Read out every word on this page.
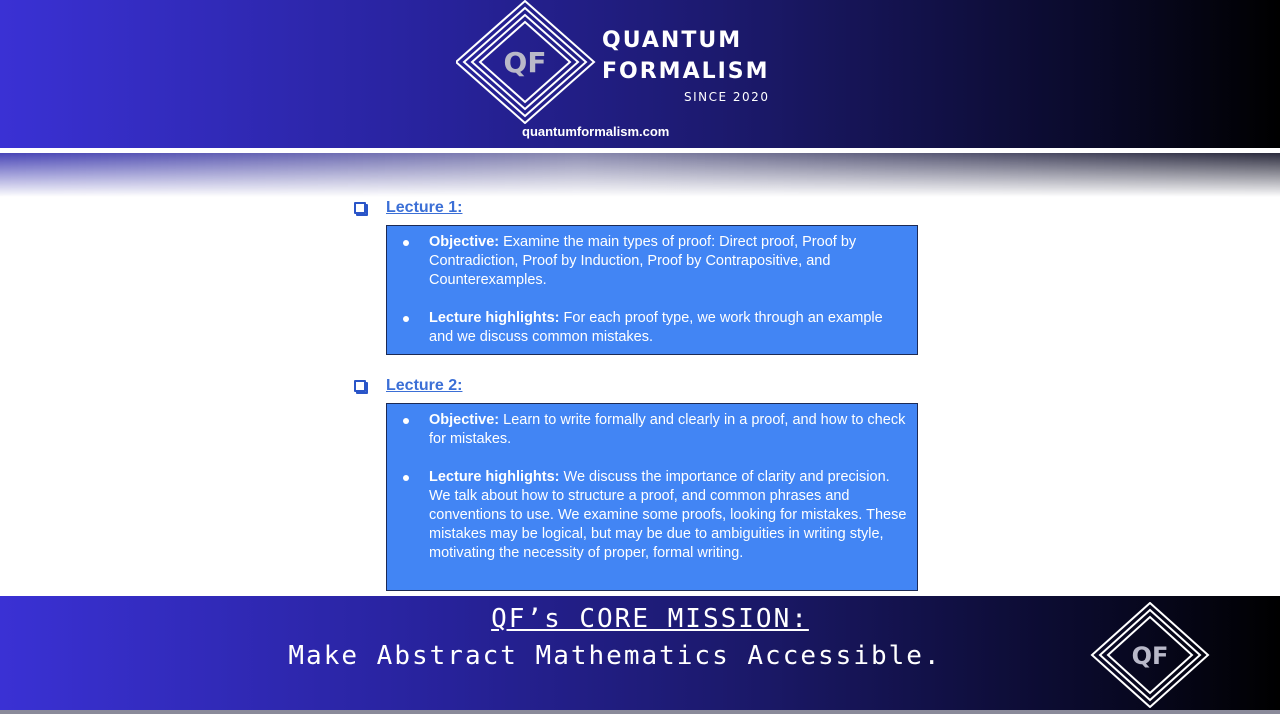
QF
QUANTUM
FORMALISM
SINCE 2020
quantumformalism.com
Lecture 1:
Objective: Examine the main types of proof: Direct proof, Proof by Contradiction, Proof by Induction, Proof by Contrapositive, and Counterexamples.
Lecture highlights: For each proof type, we work through an example and we discuss common mistakes.
Lecture 2:
Objective: Learn to write formally and clearly in a proof, and how to check for mistakes.
Lecture highlights: We discuss the importance of clarity and precision. We talk about how to structure a proof, and common phrases and conventions to use. We examine some proofs, looking for mistakes. These mistakes may be logical, but may be due to ambiguities in writing style, motivating the necessity of proper, formal writing.
QF’s CORE MISSION:
Make Abstract Mathematics Accessible.	QF
